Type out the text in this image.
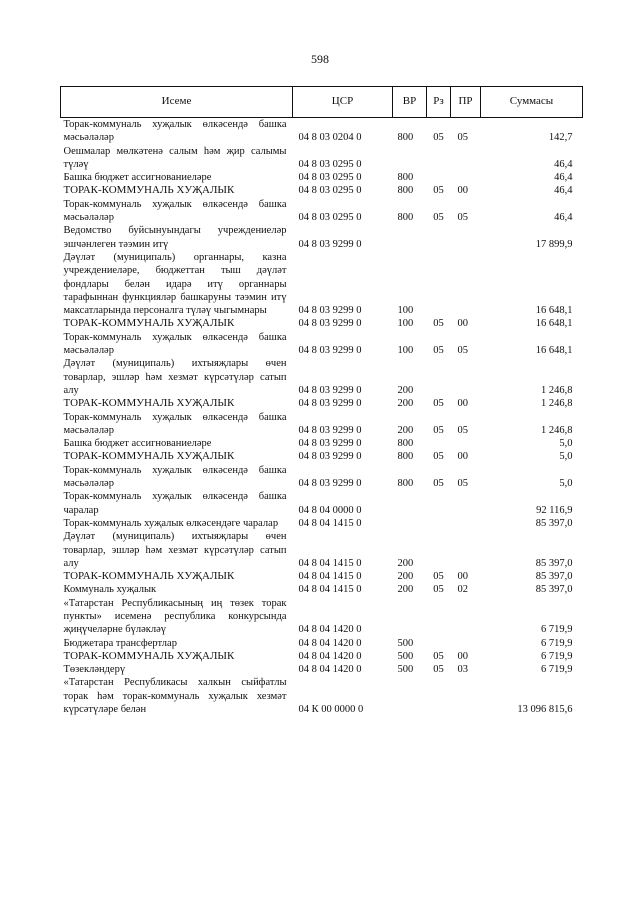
598
Исеме	ЦСР	ВР	Рз	ПР	Суммасы
Торак-коммуналь хуҗалык өлкәсендә башка мәсьәләләр	04 8 03 0204 0	800	05	05	142,7
Оешмалар мөлкәтенә салым һәм җир салымы түләү	04 8 03 0295 0				46,4
Башка бюджет ассигнованиеләре	04 8 03 0295 0	800			46,4
ТОРАК-КОММУНАЛЬ ХУҖАЛЫК	04 8 03 0295 0	800	05	00	46,4
Торак-коммуналь хуҗалык өлкәсендә башка мәсьәләләр	04 8 03 0295 0	800	05	05	46,4
Ведомство буйсынуындагы учреждениеләр эшчәнлеген тәэмин итү	04 8 03 9299 0				17 899,9
Дәүләт (муниципаль) органнары, казна учреждениеләре, бюджеттан тыш дәүләт фондлары белән идарә итү органнары тарафыннан функцияләр башкаруны тәэмин итү максатларында персоналга түләү чыгымнары	04 8 03 9299 0	100			16 648,1
ТОРАК-КОММУНАЛЬ ХУҖАЛЫК	04 8 03 9299 0	100	05	00	16 648,1
Торак-коммуналь хуҗалык өлкәсендә башка мәсьәләләр	04 8 03 9299 0	100	05	05	16 648,1
Дәүләт (муниципаль) ихтыяҗлары өчен товарлар, эшләр һәм хезмәт күрсәтүләр сатып алу	04 8 03 9299 0	200			1 246,8
ТОРАК-КОММУНАЛЬ ХУҖАЛЫК	04 8 03 9299 0	200	05	00	1 246,8
Торак-коммуналь хуҗалык өлкәсендә башка мәсьәләләр	04 8 03 9299 0	200	05	05	1 246,8
Башка бюджет ассигнованиеләре	04 8 03 9299 0	800			5,0
ТОРАК-КОММУНАЛЬ ХУҖАЛЫК	04 8 03 9299 0	800	05	00	5,0
Торак-коммуналь хуҗалык өлкәсендә башка мәсьәләләр	04 8 03 9299 0	800	05	05	5,0
Торак-коммуналь хуҗалык өлкәсендә башка чаралар	04 8 04 0000 0				92 116,9
Торак-коммуналь хуҗалык өлкәсендәге чаралар	04 8 04 1415 0				85 397,0
Дәүләт (муниципаль) ихтыяҗлары өчен товарлар, эшләр һәм хезмәт күрсәтүләр сатып алу	04 8 04 1415 0	200			85 397,0
ТОРАК-КОММУНАЛЬ ХУҖАЛЫК	04 8 04 1415 0	200	05	00	85 397,0
Коммуналь хуҗалык	04 8 04 1415 0	200	05	02	85 397,0
«Татарстан Республикасының иң төзек торак пункты» исеменә республика конкурсында җиңүчеләрне бүләкләү	04 8 04 1420 0				6 719,9
Бюджетара трансфертлар	04 8 04 1420 0	500			6 719,9
ТОРАК-КОММУНАЛЬ ХУҖАЛЫК	04 8 04 1420 0	500	05	00	6 719,9
Төзекләндерү	04 8 04 1420 0	500	05	03	6 719,9
«Татарстан Республикасы халкын сыйфатлы торак һәм торак-коммуналь хуҗалык хезмәт күрсәтүләре белән	04 К 00 0000 0				13 096 815,6
